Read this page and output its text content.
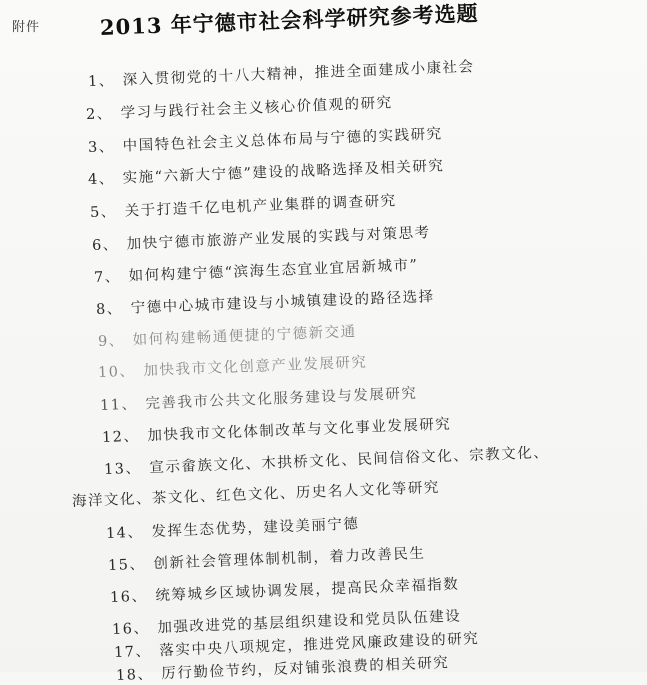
附件	2013 年宁德市社会科学研究参考选题
1、 深入贯彻党的十八大精神，推进全面建成小康社会
2、 学习与践行社会主义核心价值观的研究
3、 中国特色社会主义总体布局与宁德的实践研究
4、 实施“六新大宁德”建设的战略选择及相关研究
5、 关于打造千亿电机产业集群的调查研究
6、 加快宁德市旅游产业发展的实践与对策思考
7、 如何构建宁德“滨海生态宜业宜居新城市”
8、 宁德中心城市建设与小城镇建设的路径选择
9、 如何构建畅通便捷的宁德新交通
10、 加快我市文化创意产业发展研究
11、 完善我市公共文化服务建设与发展研究
12、 加快我市文化体制改革与文化事业发展研究
13、 宣示畲族文化、木拱桥文化、民间信俗文化、宗教文化、
海洋文化、茶文化、红色文化、历史名人文化等研究
14、 发挥生态优势，建设美丽宁德
15、 创新社会管理体制机制，着力改善民生
16、 统筹城乡区域协调发展，提高民众幸福指数
16、 加强改进党的基层组织建设和党员队伍建设
17、 落实中央八项规定，推进党风廉政建设的研究
18、 厉行勤俭节约，反对铺张浪费的相关研究
